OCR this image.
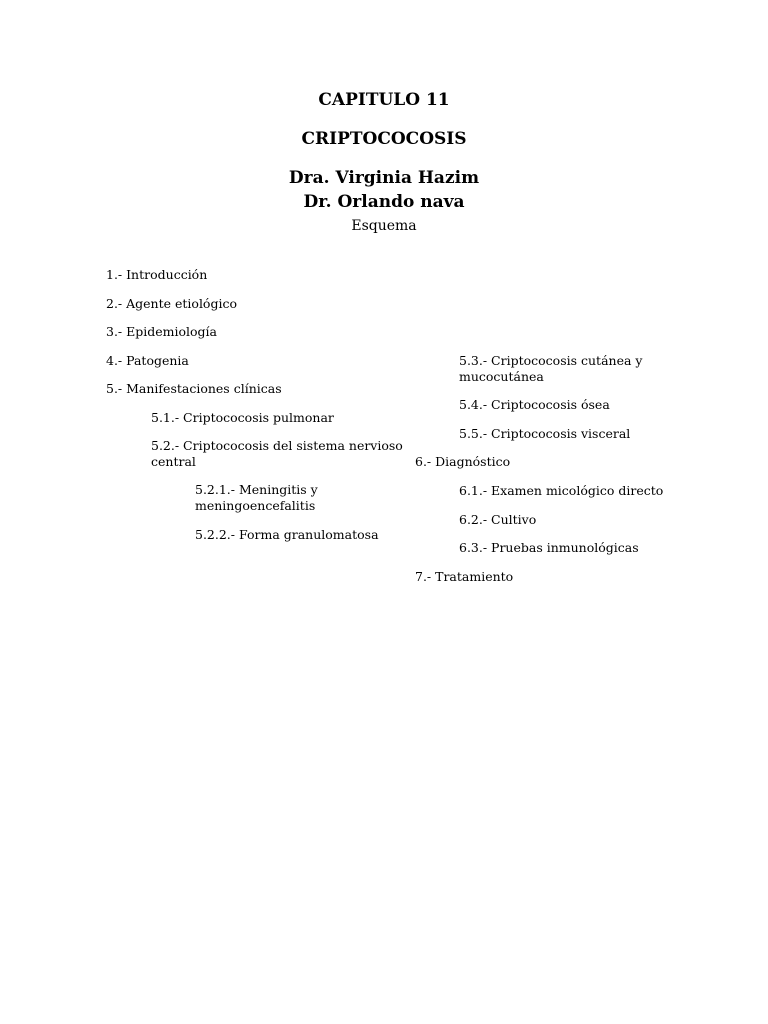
CAPITULO 11
CRIPTOCOCOSIS
Dra. Virginia Hazim
Dr. Orlando nava
Esquema
1.- Introducción
2.- Agente etiológico
3.- Epidemiología
4.- Patogenia
5.- Manifestaciones clínicas
5.1.- Criptococosis pulmonar
5.2.- Criptococosis del sistema nervioso
central
5.2.1.- Meningitis y
meningoencefalitis
5.2.2.- Forma granulomatosa
5.3.- Criptococosis cutánea y
mucocutánea
5.4.- Criptococosis ósea
5.5.- Criptococosis visceral
6.- Diagnóstico
6.1.- Examen micológico directo
6.2.- Cultivo
6.3.- Pruebas inmunológicas
7.- Tratamiento
